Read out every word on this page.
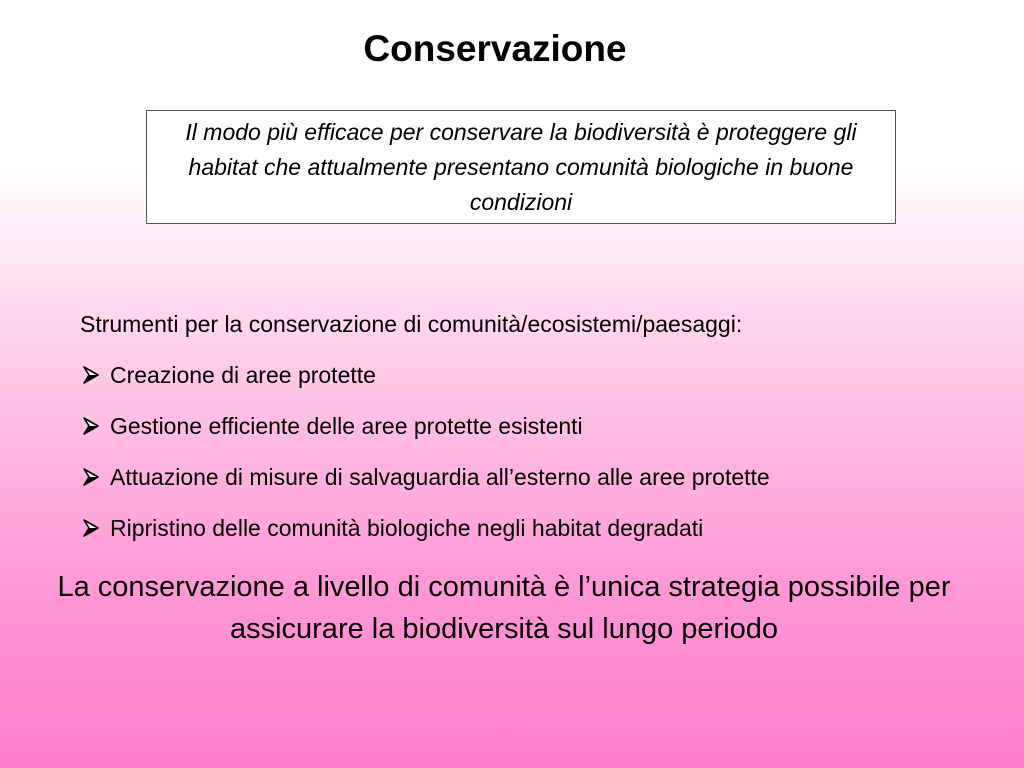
Conservazione
Il modo più efficace per conservare la biodiversità è proteggere gli habitat che attualmente presentano comunità biologiche in buone condizioni
Strumenti per la conservazione di comunità/ecosistemi/paesaggi:
Creazione di aree protette
Gestione efficiente delle aree protette esistenti
Attuazione di misure di salvaguardia all’esterno alle aree protette
Ripristino delle comunità biologiche negli habitat degradati
La conservazione a livello di comunità è l’unica strategia possibile per assicurare la biodiversità sul lungo periodo
